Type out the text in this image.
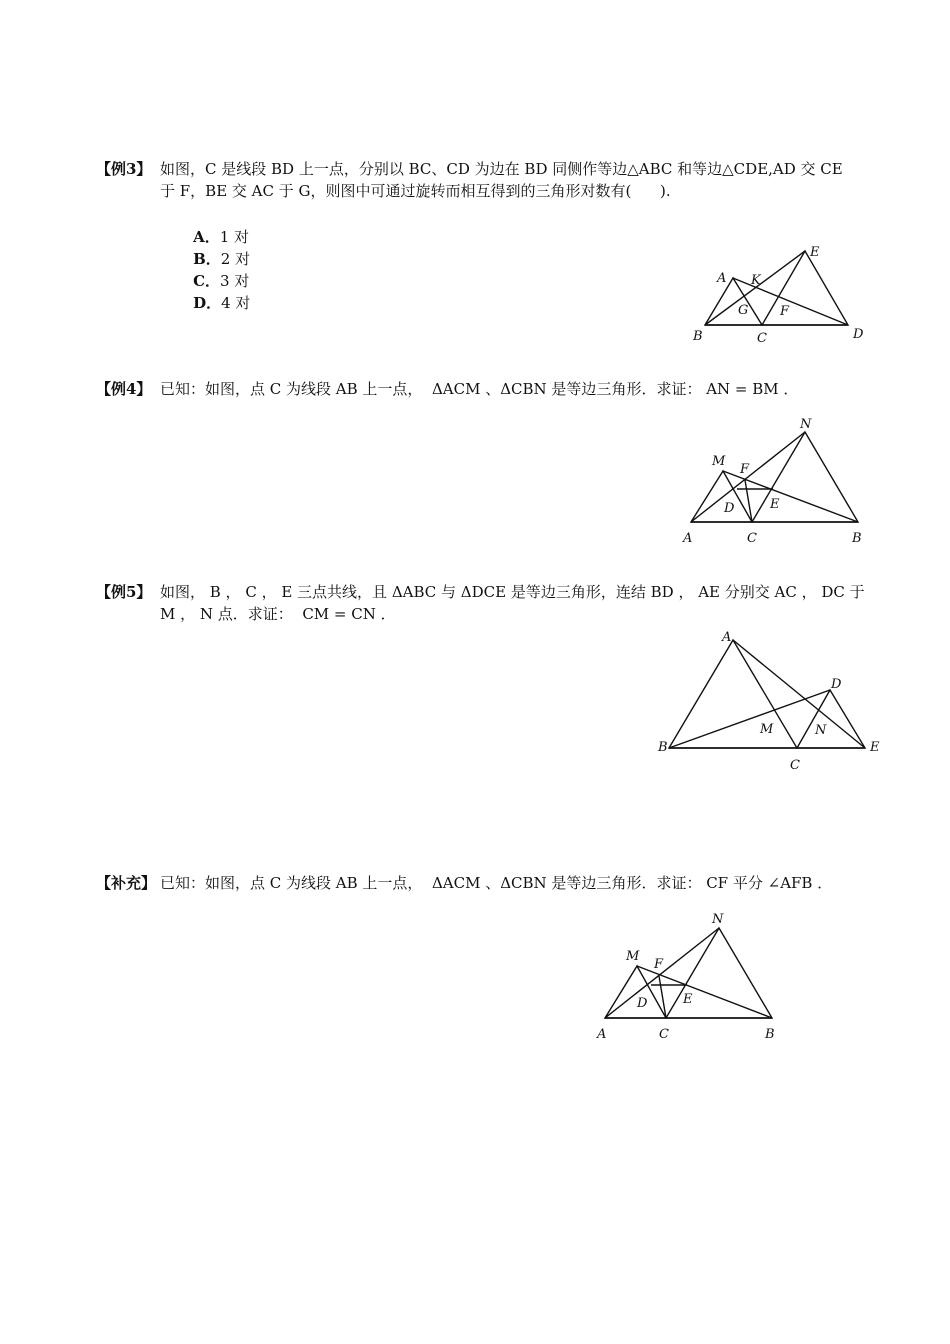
【例3】 如图，C 是线段 BD 上一点，分别以 BC、CD 为边在 BD 同侧作等边△ABC 和等边△CDE,AD 交 CE
于 F，BE 交 AC 于 G，则图中可通过旋转而相互得到的三角形对数有(      ).

A．1 对
B．2 对
C．3 对
D．4 对

A K
E
G F
B	C	D
【例4】 已知：如图，点 C 为线段 AB 上一点，  ΔACM 、ΔCBN 是等边三角形．求证： AN = BM ．
N
M
F
D	E
A	C	B
【例5】 如图， B ， C ， E 三点共线，且 ΔABC 与 ΔDCE 是等边三角形，连结 BD ， AE 分别交 AC ， DC 于
M ， N 点．求证：  CM = CN ．
A
D
M	N
B	E
C
【补充】 已知：如图，点 C 为线段 AB 上一点，  ΔACM 、ΔCBN 是等边三角形．求证： CF 平分 ∠AFB ．
N
M
F
D	E
A	C	B
